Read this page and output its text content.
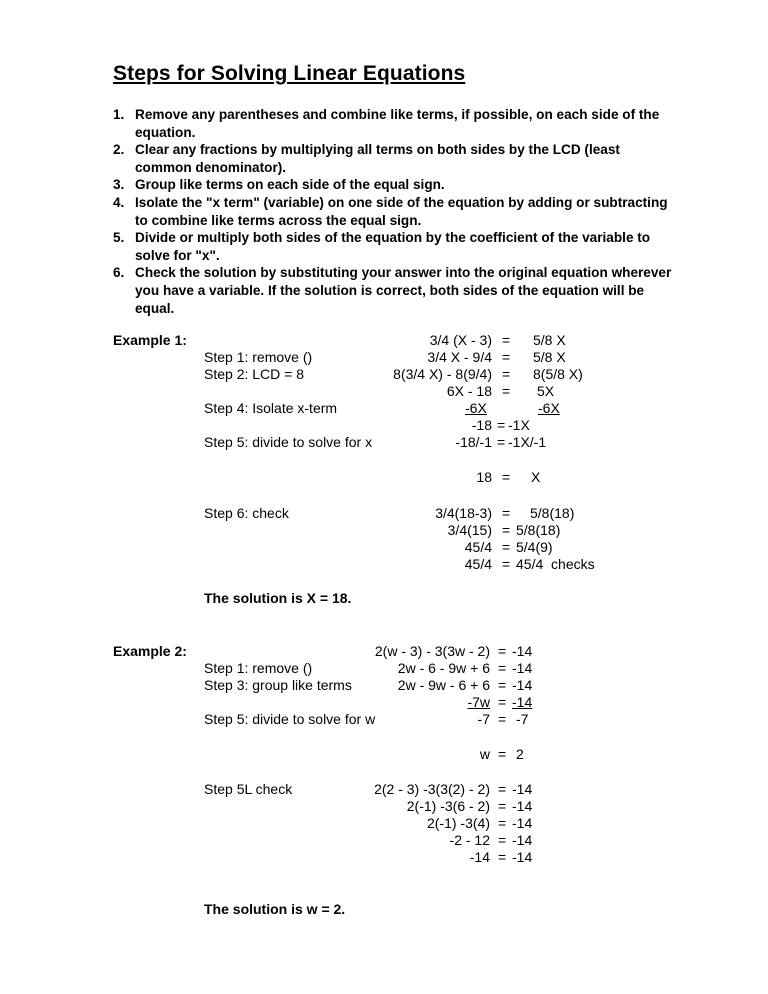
Steps for Solving Linear Equations
1. Remove any parentheses and combine like terms, if possible, on each side of the equation.
2. Clear any fractions by multiplying all terms on both sides by the LCD (least common denominator).
3. Group like terms on each side of the equal sign.
4. Isolate the "x term" (variable) on one side of the equation by adding or subtracting to combine like terms across the equal sign.
5. Divide or multiply both sides of the equation by the coefficient of the variable to solve for "x".
6. Check the solution by substituting your answer into the original equation wherever you have a variable. If the solution is correct, both sides of the equation will be equal.
Example 1:
Step 1: remove ()
Step 2: LCD = 8
Step 4: Isolate x-term
Step 5: divide to solve for x
Step 6: check
3/4 (X - 3) = 5/8 X
3/4 X - 9/4 = 5/8 X
8(3/4 X) - 8(9/4) = 8(5/8 X)
6X - 18 = 5X
-6X	-6X
-18 = -1X
-18/-1 = -1X/-1
18 = X
3/4(18-3) = 5/8(18)
3/4(15) = 5/8(18)
45/4 = 5/4(9)
45/4 = 45/4  checks
The solution is X = 18.
Example 2:
Step 1: remove ()
Step 3: group like terms
Step 5: divide to solve for w
Step 5L check
2(w - 3) - 3(3w - 2) = -14
2w - 6 - 9w + 6 = -14
2w - 9w - 6 + 6 = -14
-7w = -14
-7 = -7
w = 2
2(2 - 3) -3(3(2) - 2) = -14
2(-1) -3(6 - 2) = -14
2(-1) -3(4) = -14
-2 - 12 = -14
-14 = -14
The solution is w = 2.
